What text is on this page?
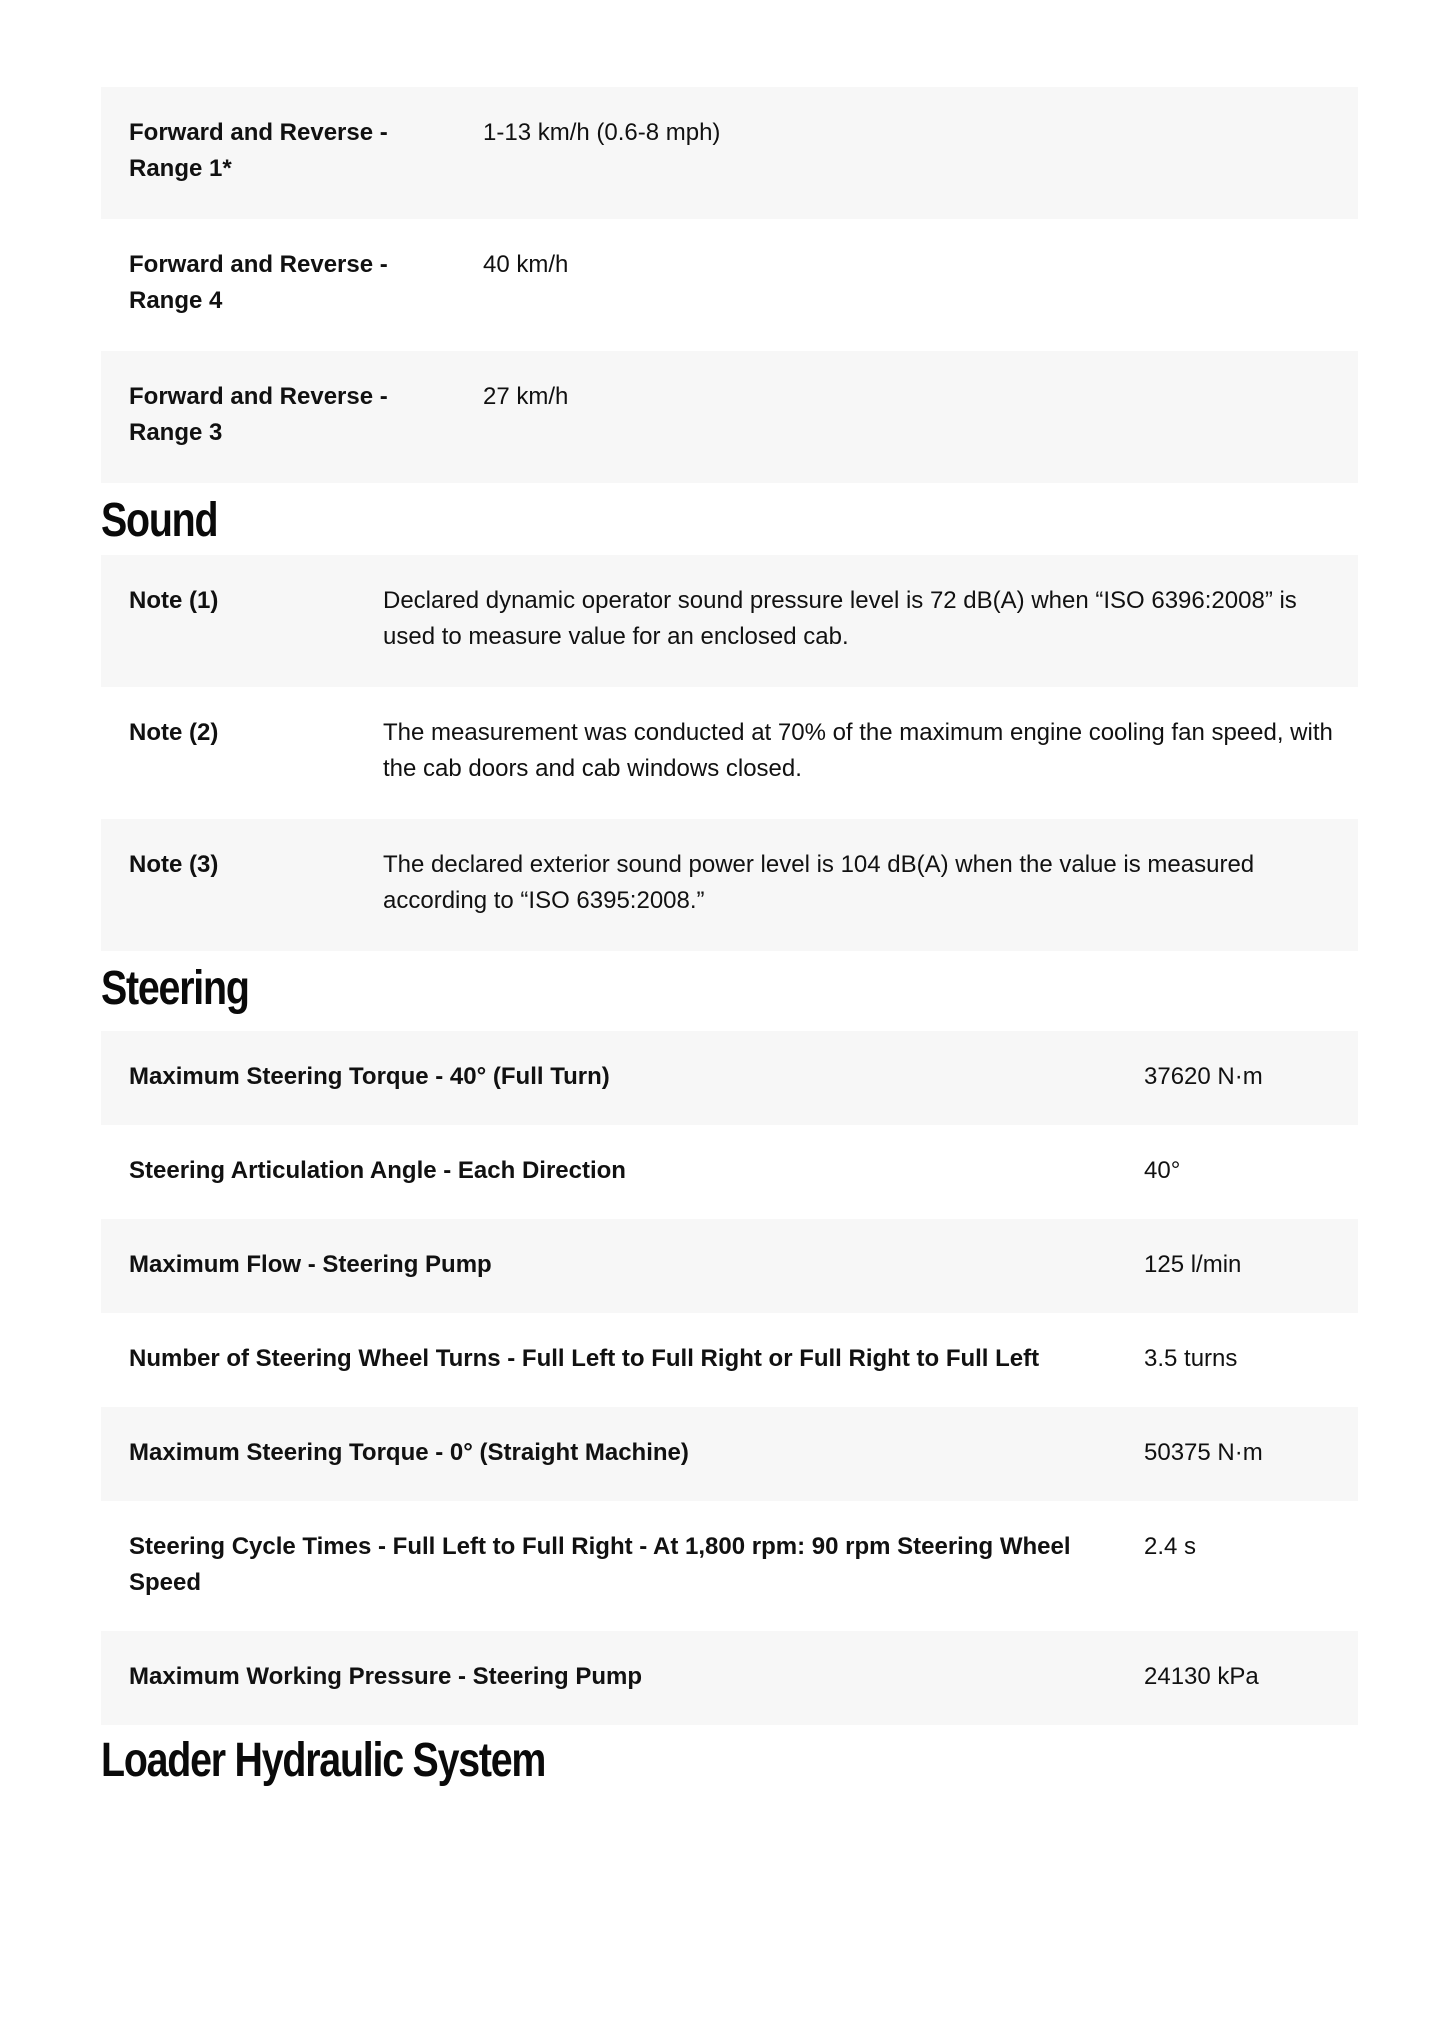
Forward and Reverse - Range 1*	1-13 km/h (0.6-8 mph)
Forward and Reverse - Range 4	40 km/h
Forward and Reverse - Range 3	27 km/h
Sound
Note (1)	Declared dynamic operator sound pressure level is 72 dB(A) when “ISO 6396:2008” is used to measure value for an enclosed cab.
Note (2)	The measurement was conducted at 70% of the maximum engine cooling fan speed, with the cab doors and cab windows closed.
Note (3)	The declared exterior sound power level is 104 dB(A) when the value is measured according to “ISO 6395:2008.”
Steering
Maximum Steering Torque - 40° (Full Turn)	37620 N·m
Steering Articulation Angle - Each Direction	40°
Maximum Flow - Steering Pump	125 l/min
Number of Steering Wheel Turns - Full Left to Full Right or Full Right to Full Left	3.5 turns
Maximum Steering Torque - 0° (Straight Machine)	50375 N·m
Steering Cycle Times - Full Left to Full Right - At 1,800 rpm: 90 rpm Steering Wheel Speed	2.4 s
Maximum Working Pressure - Steering Pump	24130 kPa
Loader Hydraulic System
